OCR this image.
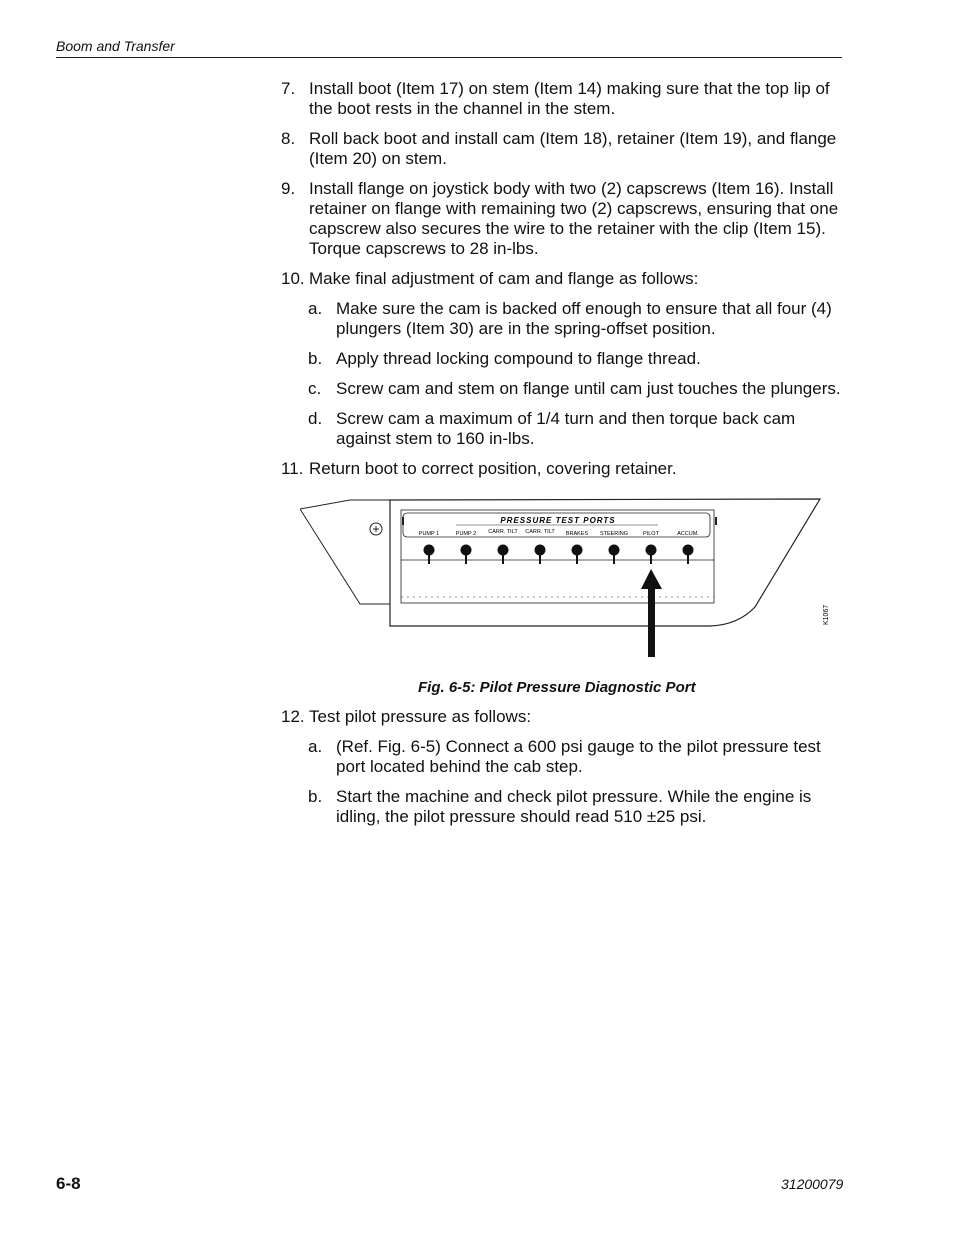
Boom and Transfer
7. Install boot (Item 17) on stem (Item 14) making sure that the top lip of the boot rests in the channel in the stem.
8. Roll back boot and install cam (Item 18), retainer (Item 19), and flange (Item 20) on stem.
9. Install flange on joystick body with two (2) capscrews (Item 16). Install retainer on flange with remaining two (2) capscrews, ensuring that one capscrew also secures the wire to the retainer with the clip (Item 15). Torque capscrews to 28 in-lbs.
10. Make final adjustment of cam and flange as follows:
a. Make sure the cam is backed off enough to ensure that all four (4) plungers (Item 30) are in the spring-offset position.
b. Apply thread locking compound to flange thread.
c. Screw cam and stem on flange until cam just touches the plungers.
d. Screw cam a maximum of 1/4 turn and then torque back cam against stem to 160 in-lbs.
11. Return boot to correct position, covering retainer.
PRESSURE TEST PORTS
PUMP 1	PUMP 2 CARR. TILT CARR. TILT BRAKES STEERING	PILOT	ACCUM.
K1067
Fig. 6-5: Pilot Pressure Diagnostic Port
12. Test pilot pressure as follows:
a. (Ref. Fig. 6-5) Connect a 600 psi gauge to the pilot pressure test port located behind the cab step.
b. Start the machine and check pilot pressure. While the engine is idling, the pilot pressure should read 510 ±25 psi.
6-8	31200079
